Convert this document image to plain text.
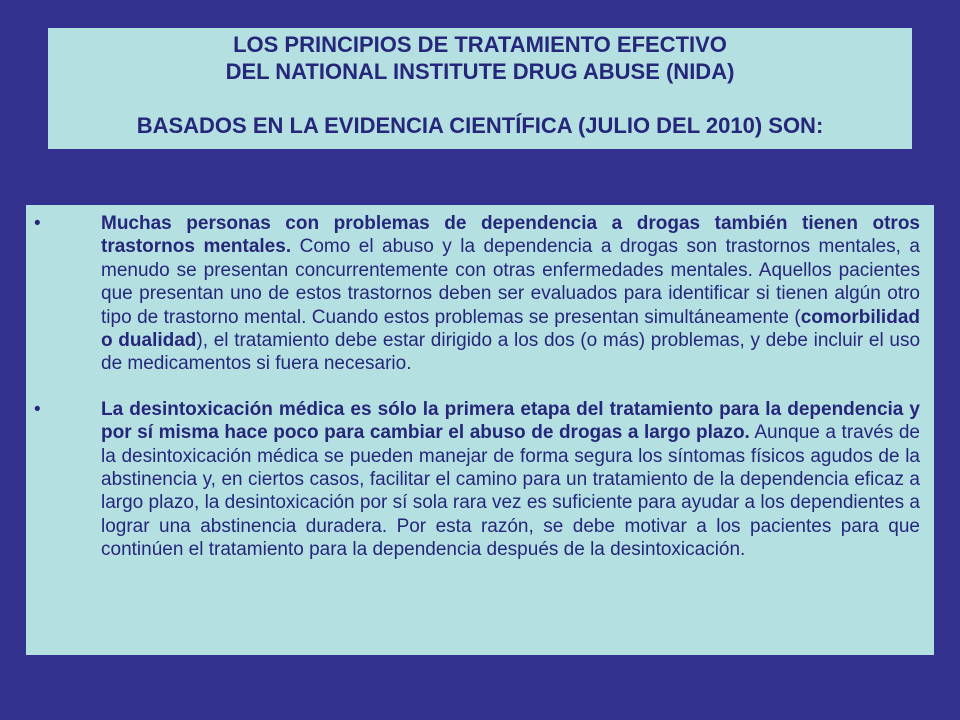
LOS PRINCIPIOS DE TRATAMIENTO EFECTIVO
DEL NATIONAL INSTITUTE DRUG ABUSE (NIDA)
BASADOS EN LA EVIDENCIA CIENTÍFICA (JULIO DEL 2010) SON:
•	Muchas personas con problemas de dependencia a drogas también tienen otros trastornos mentales. Como el abuso y la dependencia a drogas son trastornos mentales, a menudo se presentan concurrentemente con otras enfermedades mentales. Aquellos pacientes que presentan uno de estos trastornos deben ser evaluados para identificar si tienen algún otro tipo de trastorno mental. Cuando estos problemas se presentan simultáneamente (comorbilidad o dualidad), el tratamiento debe estar dirigido a los dos (o más) problemas, y debe incluir el uso de medicamentos si fuera necesario.
•	La desintoxicación médica es sólo la primera etapa del tratamiento para la dependencia y por sí misma hace poco para cambiar el abuso de drogas a largo plazo. Aunque a través de la desintoxicación médica se pueden manejar de forma segura los síntomas físicos agudos de la abstinencia y, en ciertos casos, facilitar el camino para un tratamiento de la dependencia eficaz a largo plazo, la desintoxicación por sí sola rara vez es suficiente para ayudar a los dependientes a lograr una abstinencia duradera. Por esta razón, se debe motivar a los pacientes para que continúen el tratamiento para la dependencia después de la desintoxicación.
